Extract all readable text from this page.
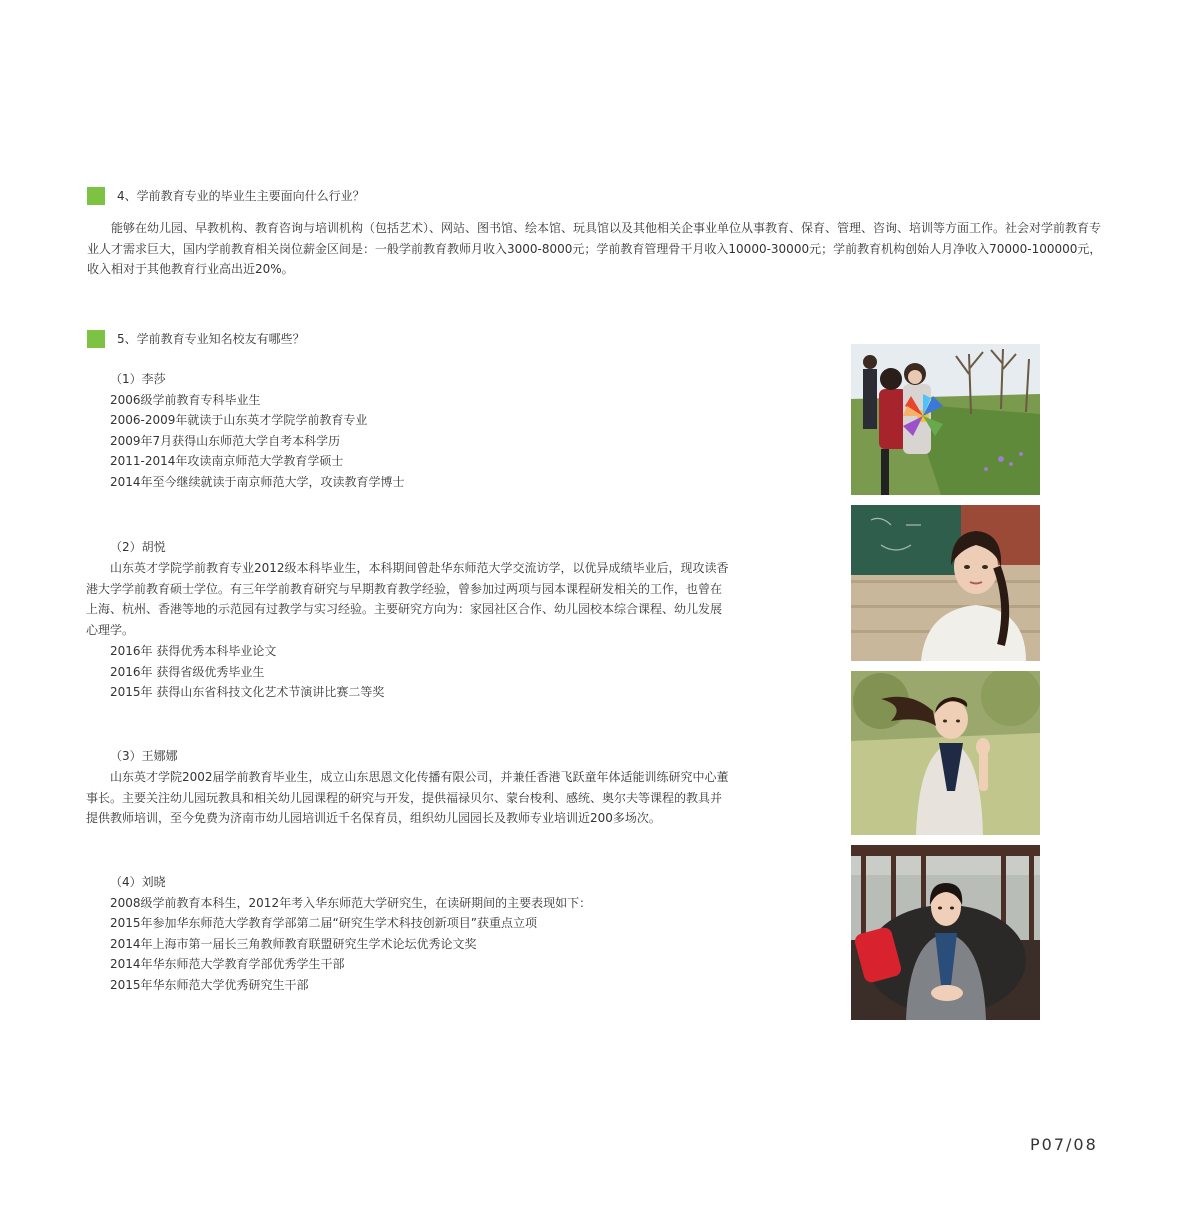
4、学前教育专业的毕业生主要面向什么行业？

能够在幼儿园、早教机构、教育咨询与培训机构（包括艺术）、网站、图书馆、绘本馆、玩具馆以及其他相关企事业单位从事教育、保育、管理、咨询、培训等方面工作。社会对学前教育专业人才需求巨大，国内学前教育相关岗位薪金区间是：一般学前教育教师月收入3000-8000元；学前教育管理骨干月收入10000-30000元；学前教育机构创始人月净收入70000-100000元，收入相对于其他教育行业高出近20%。

5、学前教育专业知名校友有哪些？
（1）李莎
2006级学前教育专科毕业生
2006-2009年就读于山东英才学院学前教育专业
2009年7月获得山东师范大学自考本科学历
2011-2014年攻读南京师范大学教育学硕士
2014年至今继续就读于南京师范大学，攻读教育学博士
（2）胡悦

山东英才学院学前教育专业2012级本科毕业生，本科期间曾赴华东师范大学交流访学，以优异成绩毕业后，现攻读香港大学学前教育硕士学位。有三年学前教育研究与早期教育教学经验，曾参加过两项与园本课程研发相关的工作，也曾在上海、杭州、香港等地的示范园有过教学与实习经验。主要研究方向为：家园社区合作、幼儿园校本综合课程、幼儿发展心理学。

2016年 获得优秀本科毕业论文
2016年 获得省级优秀毕业生
2015年 获得山东省科技文化艺术节演讲比赛二等奖
（3）王娜娜

山东英才学院2002届学前教育毕业生，成立山东思恩文化传播有限公司，并兼任香港飞跃童年体适能训练研究中心董事长。主要关注幼儿园玩教具和相关幼儿园课程的研究与开发，提供福禄贝尔、蒙台梭利、感统、奥尔夫等课程的教具并提供教师培训，至今免费为济南市幼儿园培训近千名保育员，组织幼儿园园长及教师专业培训近200多场次。

（4）刘晓
2008级学前教育本科生，2012年考入华东师范大学研究生，在读研期间的主要表现如下：
2015年参加华东师范大学教育学部第二届“研究生学术科技创新项目”获重点立项
2014年上海市第一届长三角教师教育联盟研究生学术论坛优秀论文奖
2014年华东师范大学教育学部优秀学生干部
2015年华东师范大学优秀研究生干部
P07/08
